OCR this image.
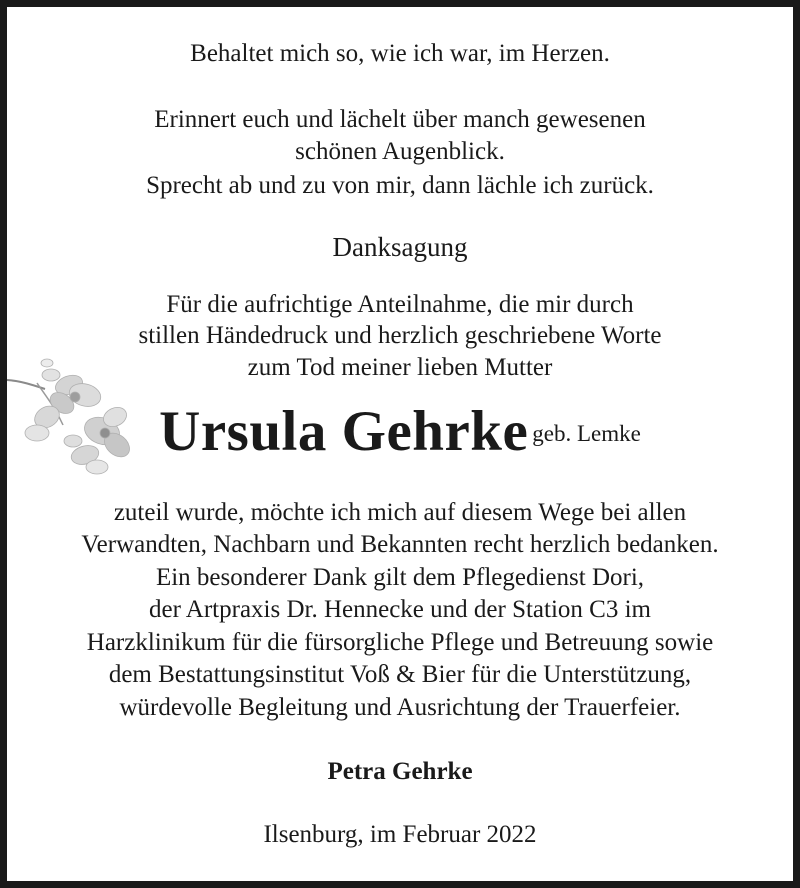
Behaltet mich so, wie ich war, im Herzen.
Erinnert euch und lächelt über manch gewesenen
schönen Augenblick.
Sprecht ab und zu von mir, dann lächle ich zurück.
Danksagung
Für die aufrichtige Anteilnahme, die mir durch
stillen Händedruck und herzlich geschriebene Worte
zum Tod meiner lieben Mutter
Ursula Gehrke geb. Lemke
zuteil wurde, möchte ich mich auf diesem Wege bei allen
Verwandten, Nachbarn und Bekannten recht herzlich bedanken.
Ein besonderer Dank gilt dem Pflegedienst Dori,
der Artpraxis Dr. Hennecke und der Station C3 im
Harzklinikum für die fürsorgliche Pflege und Betreuung sowie
dem Bestattungsinstitut Voß & Bier für die Unterstützung,
würdevolle Begleitung und Ausrichtung der Trauerfeier.
Petra Gehrke
Ilsenburg, im Februar 2022
